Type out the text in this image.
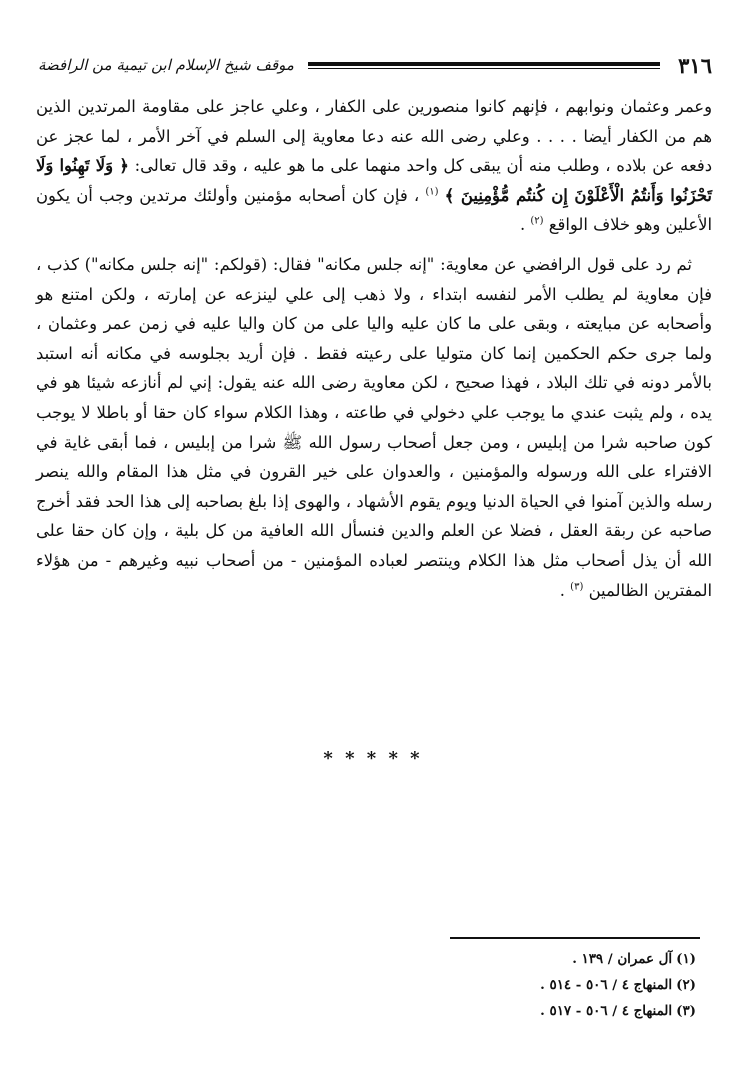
٣١٦
موقف شيخ الإسلام ابن تيمية من الرافضة

وعمر وعثمان ونوابهم ، فإنهم كانوا منصورين على الكفار ، وعلي عاجز على مقاومة المرتدين الذين هم من الكفار أيضا . . . . وعلي رضى الله عنه دعا معاوية إلى السلم في آخر الأمر ، لما عجز عن دفعه عن بلاده ، وطلب منه أن يبقى كل واحد منهما على ما هو عليه ، وقد قال تعالى: ﴿ وَلَا تَهِنُوا وَلَا تَحْزَنُوا وَأَنتُمُ الْأَعْلَوْنَ إِن كُنتُم مُّؤْمِنِينَ ﴾ $^{(١)}$ ، فإن كان أصحابه مؤمنين وأولئك مرتدين وجب أن يكون الأعلين وهو خلاف الواقع $^{(٢)}$ .

ثم رد على قول الرافضي عن معاوية: "إنه جلس مكانه" فقال: (قولكم: "إنه جلس مكانه") كذب ، فإن معاوية لم يطلب الأمر لنفسه ابتداء ، ولا ذهب إلى علي لينزعه عن إمارته ، ولكن امتنع هو وأصحابه عن مبايعته ، وبقى على ما كان عليه واليا على من كان واليا عليه في زمن عمر وعثمان ، ولما جرى حكم الحكمين إنما كان متوليا على رعيته فقط . فإن أريد بجلوسه في مكانه أنه استبد بالأمر دونه في تلك البلاد ، فهذا صحيح ، لكن معاوية رضى الله عنه يقول: إني لم أنازعه شيئا هو في يده ، ولم يثبت عندي ما يوجب علي دخولي في طاعته ، وهذا الكلام سواء كان حقا أو باطلا لا يوجب كون صاحبه شرا من إبليس ، ومن جعل أصحاب رسول الله ﷺ شرا من إبليس ، فما أبقى غاية في الافتراء على الله ورسوله والمؤمنين ، والعدوان على خير القرون في مثل هذا المقام والله ينصر رسله والذين آمنوا في الحياة الدنيا ويوم يقوم الأشهاد ، والهوى إذا بلغ بصاحبه إلى هذا الحد فقد أخرج صاحبه عن ربقة العقل ، فضلا عن العلم والدين فنسأل الله العافية من كل بلية ، وإن كان حقا على الله أن يذل أصحاب مثل هذا الكلام وينتصر لعباده المؤمنين - من أصحاب نبيه وغيرهم - من هؤلاء المفترين الظالمين $^{(٣)}$ .

* * * * *
(١)
آل عمران / ١٣٩ .
(٢)
المنهاج ٤ / ٥٠٦ - ٥١٤ .
(٣)
المنهاج ٤ / ٥٠٦ - ٥١٧ .
